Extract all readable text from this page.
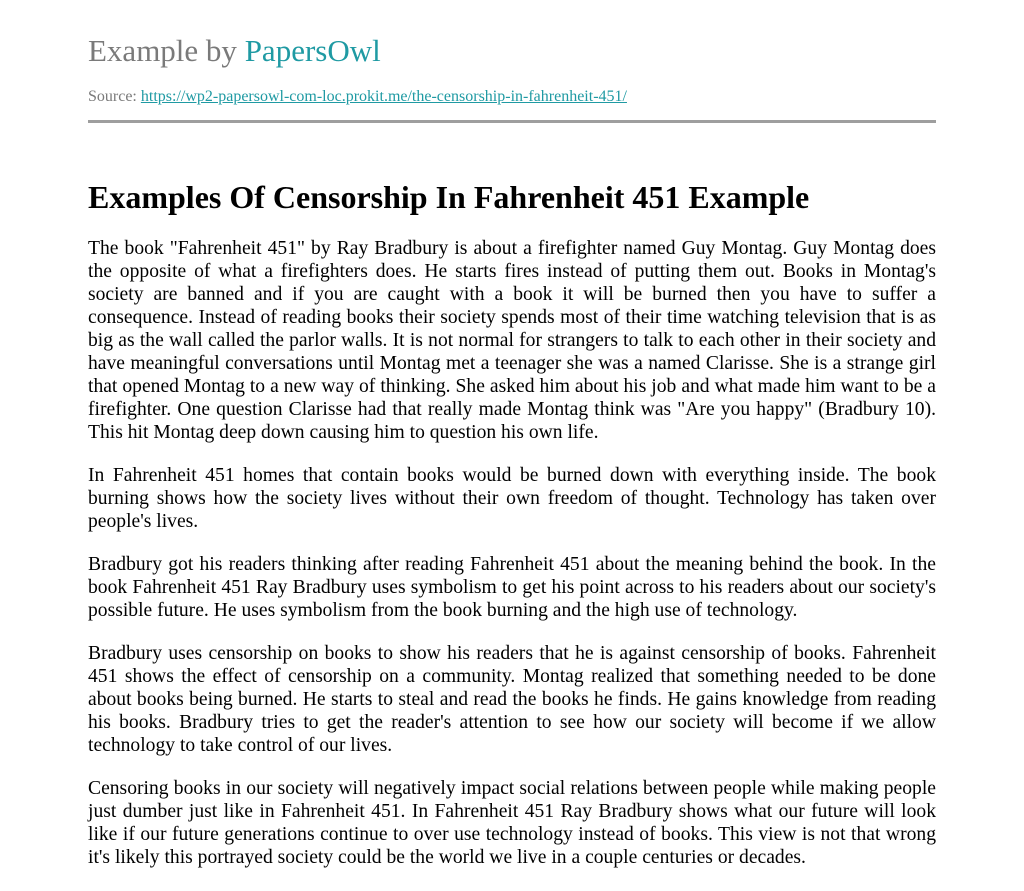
Example by PapersOwl
Source: https://wp2-papersowl-com-loc.prokit.me/the-censorship-in-fahrenheit-451/
Examples Of Censorship In Fahrenheit 451 Example

The book "Fahrenheit 451" by Ray Bradbury is about a firefighter named Guy Montag. Guy Montag does the opposite of what a firefighters does. He starts fires instead of putting them out. Books in Montag's society are banned and if you are caught with a book it will be burned then you have to suffer a consequence. Instead of reading books their society spends most of their time watching television that is as big as the wall called the parlor walls. It is not normal for strangers to talk to each other in their society and have meaningful conversations until Montag met a teenager she was a named Clarisse. She is a strange girl that opened Montag to a new way of thinking. She asked him about his job and what made him want to be a firefighter. One question Clarisse had that really made Montag think was "Are you happy" (Bradbury 10). This hit Montag deep down causing him to question his own life.

In Fahrenheit 451 homes that contain books would be burned down with everything inside. The book burning shows how the society lives without their own freedom of thought. Technology has taken over people's lives.

Bradbury got his readers thinking after reading Fahrenheit 451 about the meaning behind the book. In the book Fahrenheit 451 Ray Bradbury uses symbolism to get his point across to his readers about our society's possible future. He uses symbolism from the book burning and the high use of technology.

Bradbury uses censorship on books to show his readers that he is against censorship of books. Fahrenheit 451 shows the effect of censorship on a community. Montag realized that something needed to be done about books being burned. He starts to steal and read the books he finds. He gains knowledge from reading his books. Bradbury tries to get the reader's attention to see how our society will become if we allow technology to take control of our lives.

Censoring books in our society will negatively impact social relations between people while making people just dumber just like in Fahrenheit 451. In Fahrenheit 451 Ray Bradbury shows what our future will look like if our future generations continue to over use technology instead of books. This view is not that wrong it's likely this portrayed society could be the world we live in a couple centuries or decades.
